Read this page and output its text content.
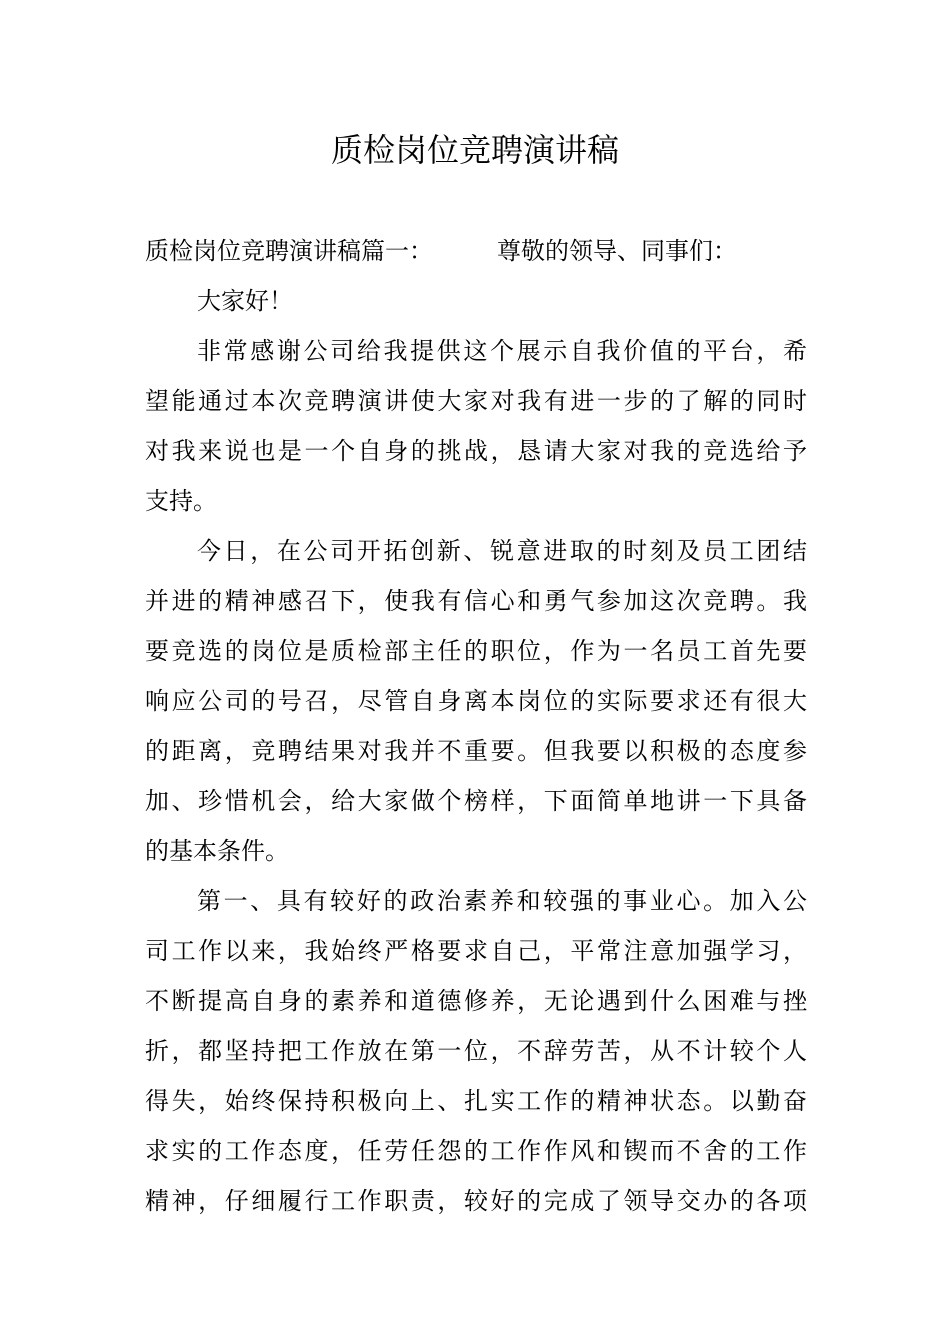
质检岗位竞聘演讲稿
质检岗位竞聘演讲稿篇一：	尊敬的领导、同事们：
大家好！
非常感谢公司给我提供这个展示自我价值的平台，希
望能通过本次竞聘演讲使大家对我有进一步的了解的同时
对我来说也是一个自身的挑战，恳请大家对我的竞选给予
支持。
今日，在公司开拓创新、锐意进取的时刻及员工团结
并进的精神感召下，使我有信心和勇气参加这次竞聘。我
要竞选的岗位是质检部主任的职位，作为一名员工首先要
响应公司的号召，尽管自身离本岗位的实际要求还有很大
的距离，竞聘结果对我并不重要。但我要以积极的态度参
加、珍惜机会，给大家做个榜样，下面简单地讲一下具备
的基本条件。
第一、具有较好的政治素养和较强的事业心。加入公
司工作以来，我始终严格要求自己，平常注意加强学习，
不断提高自身的素养和道德修养，无论遇到什么困难与挫
折，都坚持把工作放在第一位，不辞劳苦，从不计较个人
得失，始终保持积极向上、扎实工作的精神状态。以勤奋
求实的工作态度，任劳任怨的工作作风和锲而不舍的工作
精神，仔细履行工作职责，较好的完成了领导交办的各项
